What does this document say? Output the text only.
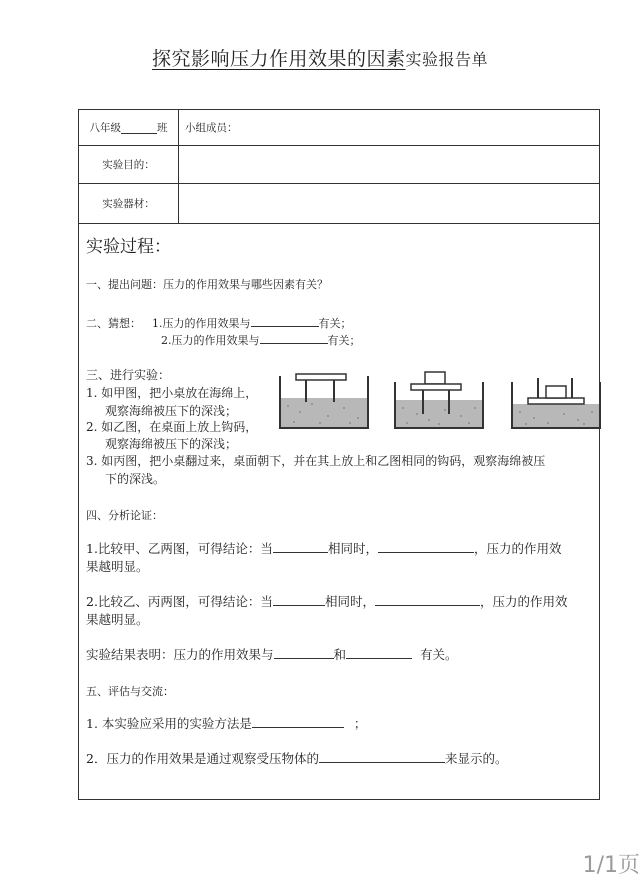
探究影响压力作用效果的因素实验报告单
八年级	班 小组成员：
实验目的：
实验器材：
实验过程：
一、提出问题：压力的作用效果与哪些因素有关？
二、猜想： 1.压力的作用效果与	有关；
2.压力的作用效果与	有关；
三、进行实验：
1. 如甲图，把小桌放在海绵上，
观察海绵被压下的深浅；
2. 如乙图，在桌面上放上钩码，
观察海绵被压下的深浅；
3. 如丙图，把小桌翻过来，桌面朝下，并在其上放上和乙图相同的钩码，观察海绵被压
下的深浅。
四、分析论证：
1.比较甲、乙两图，可得结论：当	相同时，	，压力的作用效
果越明显。
2.比较乙、丙两图，可得结论：当	相同时，	，压力的作用效
果越明显。
实验结果表明：压力的作用效果与	和	有关。
五、评估与交流：
1. 本实验应采用的实验方法是	；
2．压力的作用效果是通过观察受压物体的	来显示的。
1/1页
